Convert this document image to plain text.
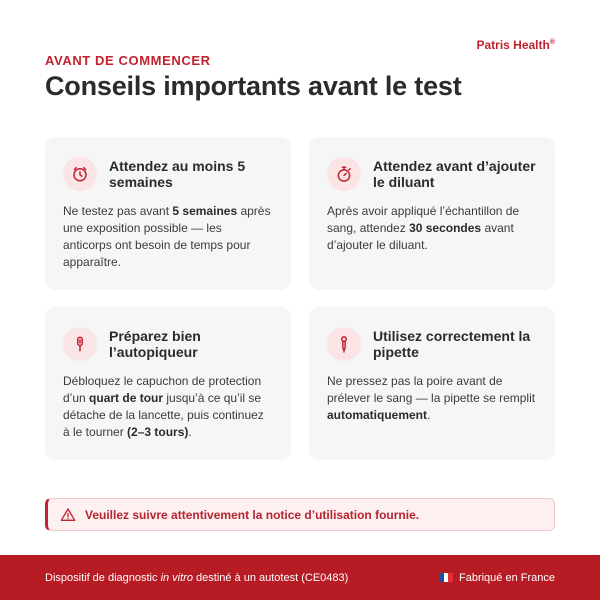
Patris Health®
AVANT DE COMMENCER
Conseils importants avant le test
Attendez au moins 5 semaines

Ne testez pas avant 5 semaines après une exposition possible — les anticorps ont besoin de temps pour apparaître.

Attendez avant d’ajouter le diluant

Après avoir appliqué l’échantillon de sang, attendez 30 secondes avant d’ajouter le diluant.

Préparez bien l’autopiqueur

Débloquez le capuchon de protection d’un quart de tour jusqu’à ce qu’il se détache de la lancette, puis continuez à le tourner (2–3 tours).

Utilisez correctement la pipette

Ne pressez pas la poire avant de prélever le sang — la pipette se remplit automatiquement.

Veuillez suivre attentivement la notice d’utilisation fournie.
Dispositif de diagnostic in vitro destiné à un autotest (CE0483)	Fabriqué en France
